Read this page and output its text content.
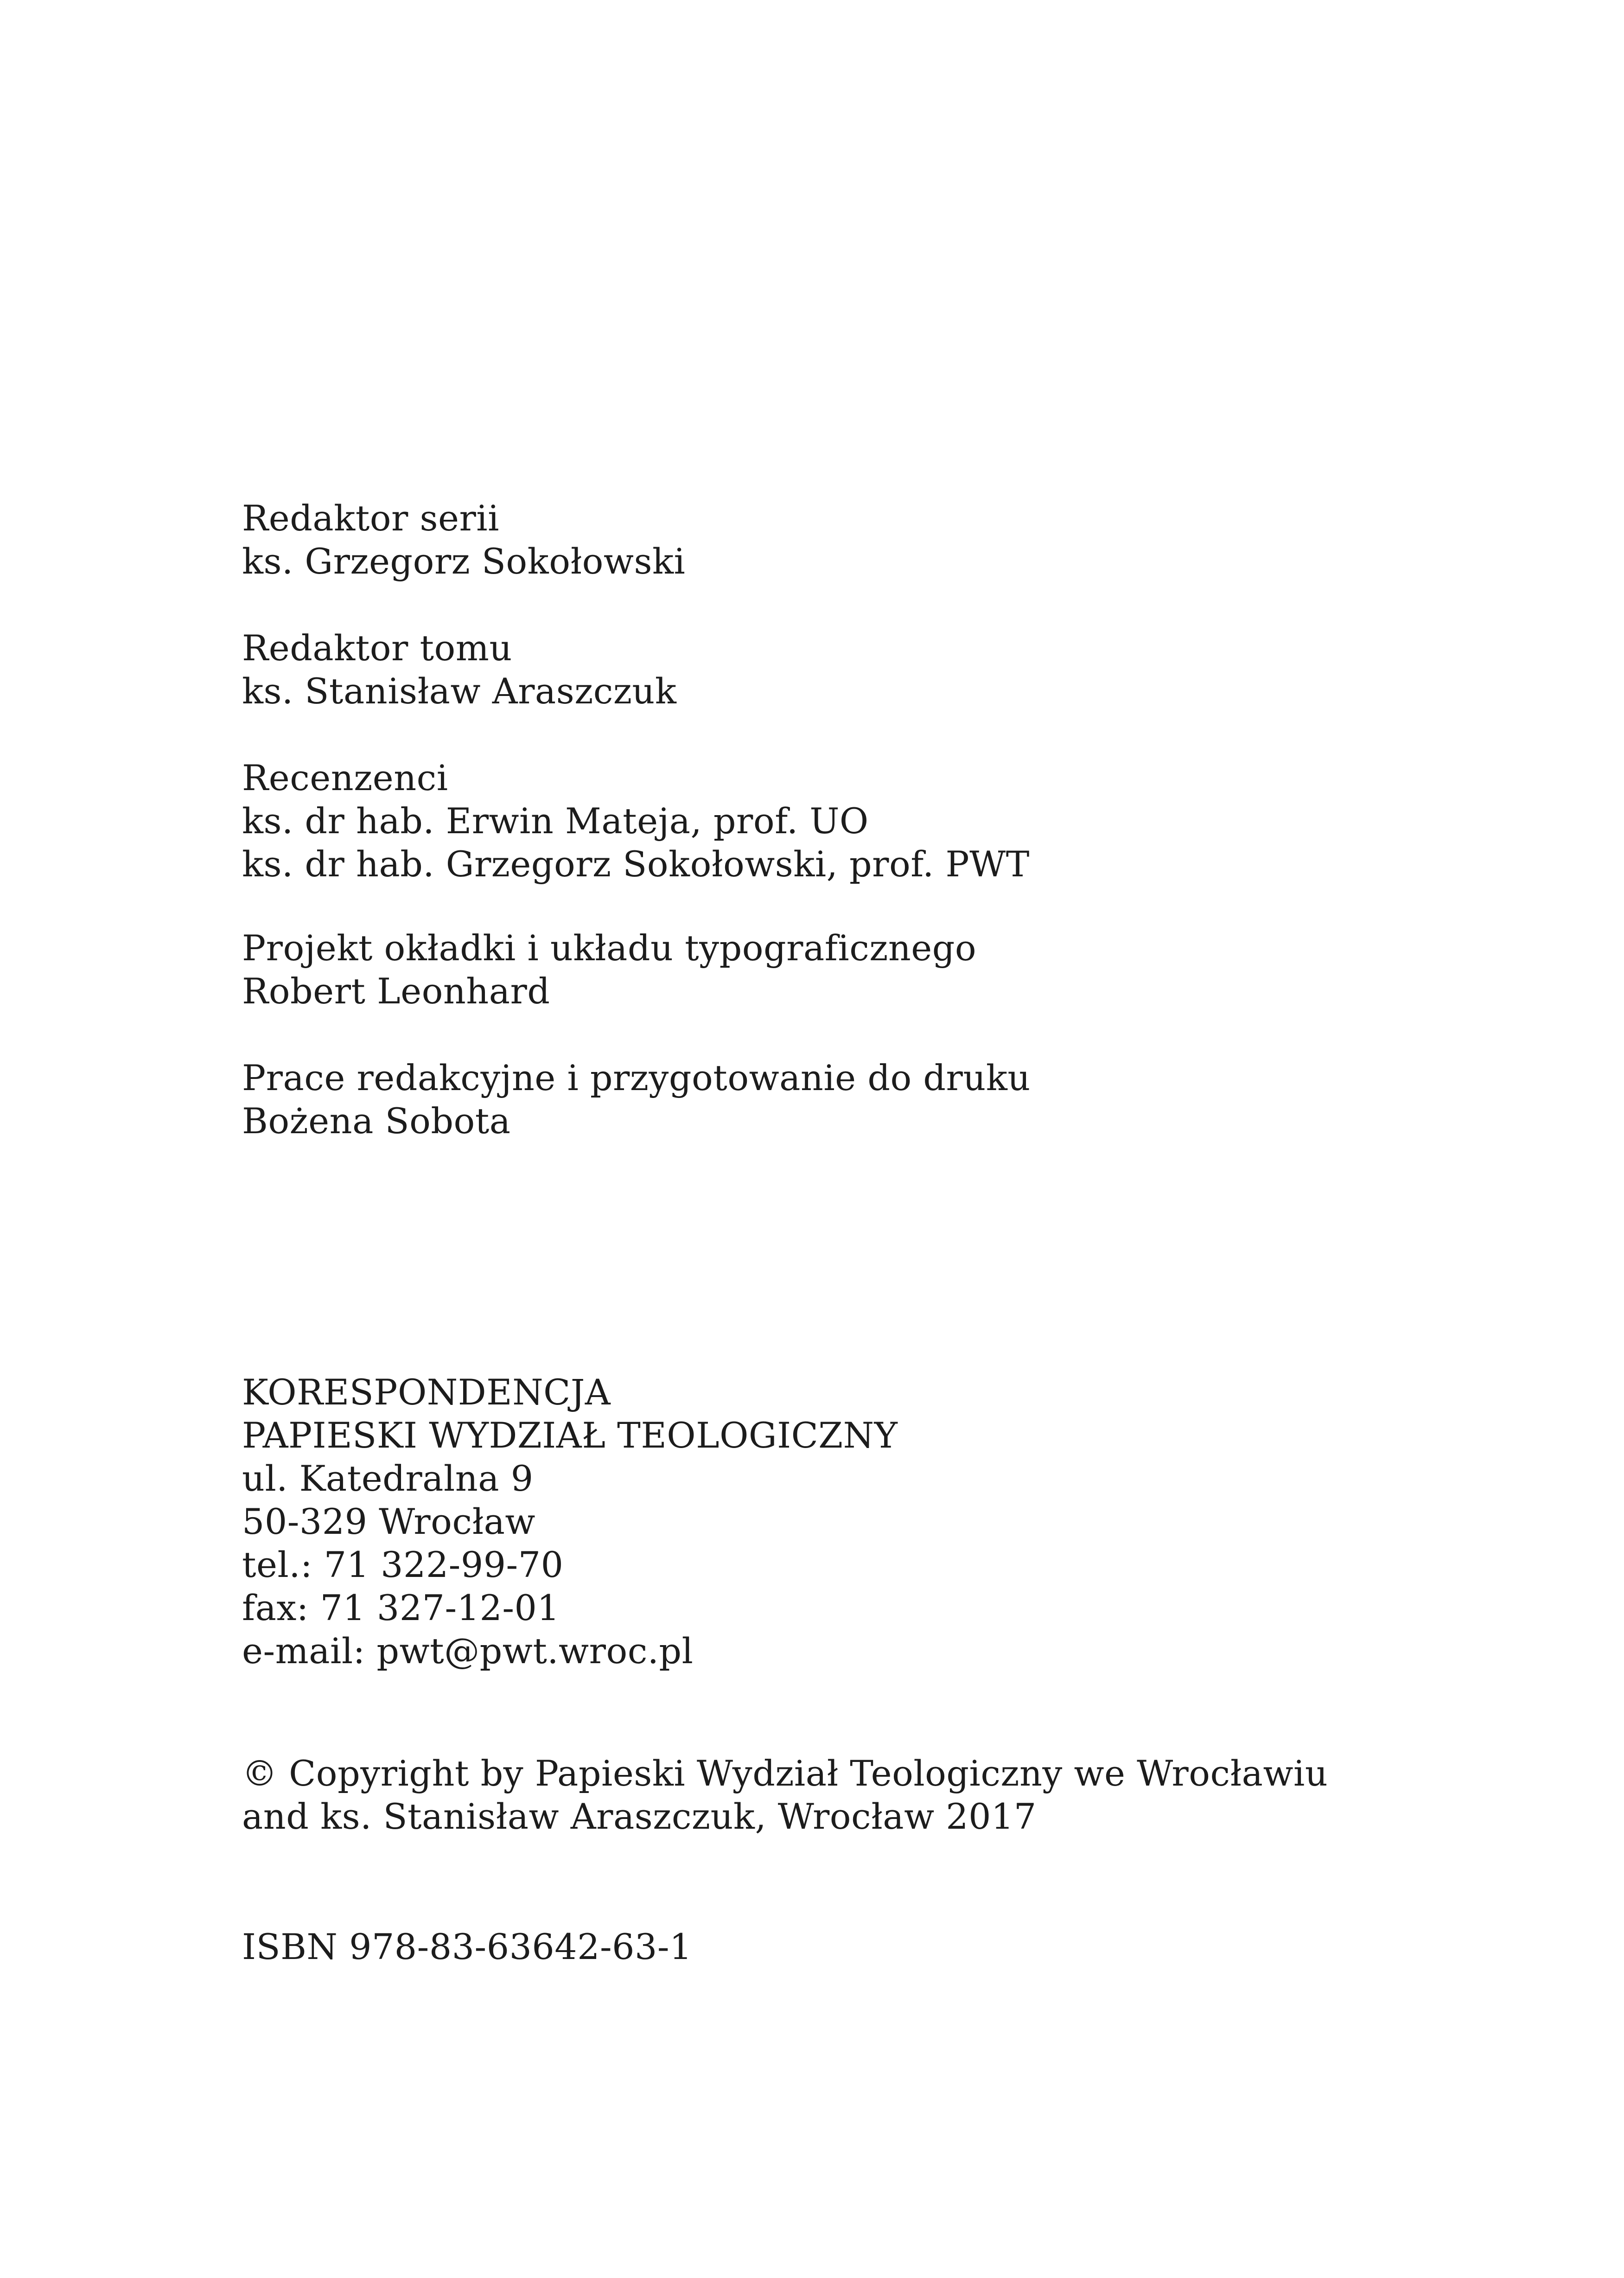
Redaktor serii
ks. Grzegorz Sokołowski
Redaktor tomu
ks. Stanisław Araszczuk
Recenzenci
ks. dr hab. Erwin Mateja, prof. UO
ks. dr hab. Grzegorz Sokołowski, prof. PWT
Projekt okładki i układu typograficznego
Robert Leonhard
Prace redakcyjne i przygotowanie do druku
Bożena Sobota
KORESPONDENCJA
PAPIESKI WYDZIAŁ TEOLOGICZNY
ul. Katedralna 9
50-329 Wrocław
tel.: 71 322-99-70
fax: 71 327-12-01
e-mail: pwt@pwt.wroc.pl
© Copyright by Papieski Wydział Teologiczny we Wrocławiu
and ks. Stanisław Araszczuk, Wrocław 2017
ISBN 978-83-63642-63-1
